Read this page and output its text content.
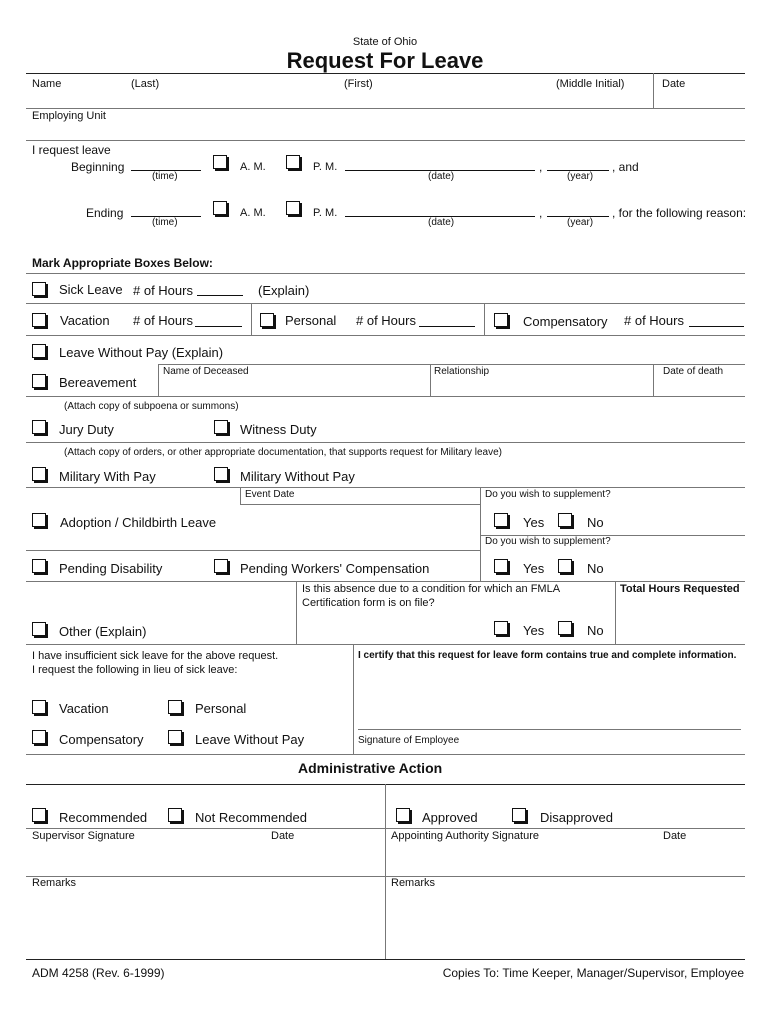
State of Ohio
Request For Leave
Name	(Last)	(First)	(Middle Initial)	Date
Employing Unit
I request leave
Beginning
(time)
A. M.	P. M.
(date)
,
(year)
, and
Ending
(time)
A. M.	P. M.
(date)
,
(year)
, for the following reason:
Mark Appropriate Boxes Below:
Sick Leave # of Hours	(Explain)
Vacation # of Hours	Personal # of Hours	Compensatory # of Hours
Leave Without Pay (Explain)
Bereavement
Name of Deceased	Relationship	Date of death
(Attach copy of subpoena or summons)
Jury Duty	Witness Duty
(Attach copy of orders, or other appropriate documentation, that supports request for Military leave)
Military With Pay	Military Without Pay
Event Date	Do you wish to supplement?
Adoption / Childbirth Leave	Yes	No
Do you wish to supplement?
Pending Disability	Pending Workers' Compensation	Yes	No
Is this absence due to a condition for which an FMLA
Certification form is on file?
Total Hours Requested
Other (Explain)	Yes	No
I have insufficient sick leave for the above request.
I request the following in lieu of sick leave:
I certify that this request for leave form contains true and complete information.
Vacation	Personal
Compensatory	Leave Without Pay	Signature of Employee
Administrative Action
Recommended	Not Recommended	Approved	Disapproved
Supervisor Signature	Date	Appointing Authority Signature	Date
Remarks	Remarks
ADM 4258 (Rev. 6-1999)	Copies To: Time Keeper, Manager/Supervisor, Employee
